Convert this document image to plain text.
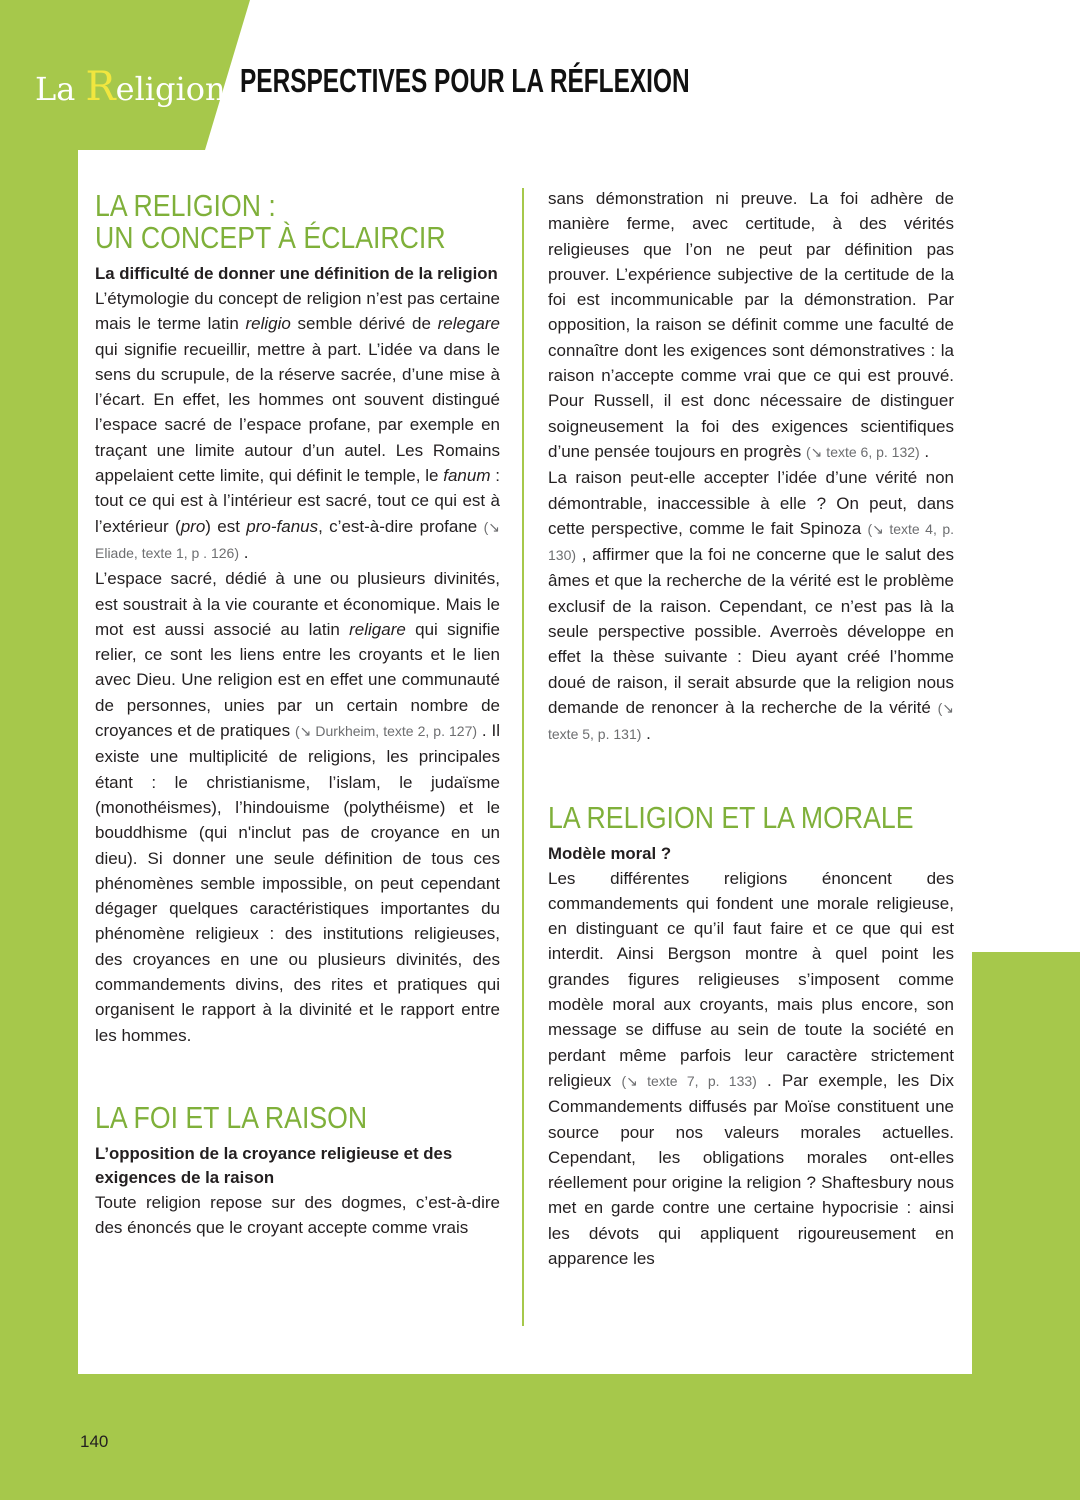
La Religion PERSPECTIVES POUR LA RÉFLEXION
LA RELIGION :
UN CONCEPT À ÉCLAIRCIR
La difficulté de donner une définition de la religion

L’étymologie du concept de religion n’est pas certaine mais le terme latin religio semble dérivé de relegare qui signifie recueillir, mettre à part. L’idée va dans le sens du scrupule, de la réserve sacrée, d’une mise à l’écart. En effet, les hommes ont souvent distingué l’espace sacré de l’espace profane, par exemple en traçant une limite autour d’un autel. Les Romains appelaient cette limite, qui définit le temple, le fanum : tout ce qui est à l’intérieur est sacré, tout ce qui est à l’extérieur (pro) est pro-fanus, c’est-à-dire profane (↘ Eliade, texte 1, p . 126) .

L’espace sacré, dédié à une ou plusieurs divinités, est soustrait à la vie courante et économique. Mais le mot est aussi associé au latin religare qui signifie relier, ce sont les liens entre les croyants et le lien avec Dieu. Une religion est en effet une communauté de personnes, unies par un certain nombre de croyances et de pratiques (↘ Durkheim, texte 2, p. 127) . Il existe une multiplicité de religions, les principales étant : le christianisme, l’islam, le judaïsme (monothéismes), l’hindouisme (polythéisme) et le bouddhisme (qui n'inclut pas de croyance en un dieu). Si donner une seule définition de tous ces phénomènes semble impossible, on peut cependant dégager quelques caractéristiques importantes du phénomène religieux : des institutions religieuses, des croyances en une ou plusieurs divinités, des commandements divins, des rites et pratiques qui organisent le rapport à la divinité et le rapport entre les hommes.

LA FOI ET LA RAISON
L’opposition de la croyance religieuse et des exigences de la raison

Toute religion repose sur des dogmes, c’est-à-dire des énoncés que le croyant accepte comme vrais

sans démonstration ni preuve. La foi adhère de manière ferme, avec certitude, à des vérités religieuses que l’on ne peut par définition pas prouver. L’expérience subjective de la certitude de la foi est incommunicable par la démonstration. Par opposition, la raison se définit comme une faculté de connaître dont les exigences sont démonstratives : la raison n’accepte comme vrai que ce qui est prouvé. Pour Russell, il est donc nécessaire de distinguer soigneusement la foi des exigences scientifiques d’une pensée toujours en progrès (↘ texte 6, p. 132) .

La raison peut-elle accepter l’idée d’une vérité non démontrable, inaccessible à elle ? On peut, dans cette perspective, comme le fait Spinoza (↘ texte 4, p. 130) , affirmer que la foi ne concerne que le salut des âmes et que la recherche de la vérité est le problème exclusif de la raison. Cependant, ce n’est pas là la seule perspective possible. Averroès développe en effet la thèse suivante : Dieu ayant créé l’homme doué de raison, il serait absurde que la religion nous demande de renoncer à la recherche de la vérité (↘ texte 5, p. 131) .

LA RELIGION ET LA MORALE
Modèle moral ?

Les différentes religions énoncent des commandements qui fondent une morale religieuse, en distinguant ce qu’il faut faire et ce que qui est interdit. Ainsi Bergson montre à quel point les grandes figures religieuses s’imposent comme modèle moral aux croyants, mais plus encore, son message se diffuse au sein de toute la société en perdant même parfois leur caractère strictement religieux (↘ texte 7, p. 133) . Par exemple, les Dix Commandements diffusés par Moïse constituent une source pour nos valeurs morales actuelles. Cependant, les obligations morales ont-elles réellement pour origine la religion ? Shaftesbury nous met en garde contre une certaine hypocrisie : ainsi les dévots qui appliquent rigoureusement en apparence les

140
